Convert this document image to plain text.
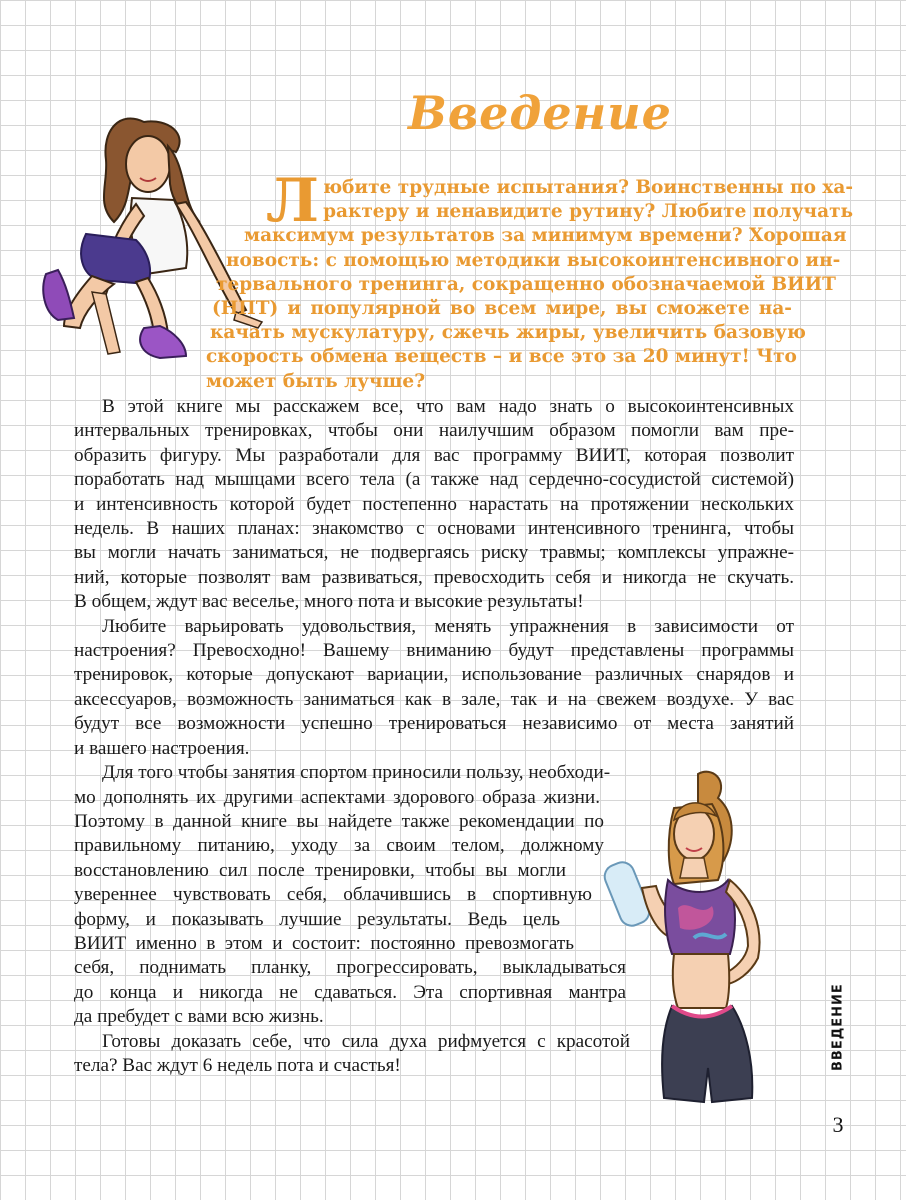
Введение
Л юбите трудные испытания? Воинственны по ха-
рактеру и ненавидите рутину? Любите получать
максимум результатов за минимум времени? Хорошая
новость: с помощью методики высокоинтенсивного ин-
тервального тренинга, сокращенно обозначаемой ВИИТ
(НПТ) и популярной во всем мире, вы сможете на-
качать мускулатуру, сжечь жиры, увеличить базовую
скорость обмена веществ – и все это за 20 минут! Что
может быть лучше?
В этой книге мы расскажем все, что вам надо знать о высокоинтенсивных
интервальных тренировках, чтобы они наилучшим образом помогли вам пре-
образить фигуру. Мы разработали для вас программу ВИИТ, которая позволит
поработать над мышцами всего тела (а также над сердечно-сосудистой системой)
и интенсивность которой будет постепенно нарастать на протяжении нескольких
недель. В наших планах: знакомство с основами интенсивного тренинга, чтобы
вы могли начать заниматься, не подвергаясь риску травмы; комплексы упражне-
ний, которые позволят вам развиваться, превосходить себя и никогда не скучать.
В общем, ждут вас веселье, много пота и высокие результаты!
Любите варьировать удовольствия, менять упражнения в зависимости от
настроения? Превосходно! Вашему вниманию будут представлены программы
тренировок, которые допускают вариации, использование различных снарядов и
аксессуаров, возможность заниматься как в зале, так и на свежем воздухе. У вас
будут все возможности успешно тренироваться независимо от места занятий
и вашего настроения.
Для того чтобы занятия спортом приносили пользу, необходи-
мо дополнять их другими аспектами здорового образа жизни.
Поэтому в данной книге вы найдете также рекомендации по
правильному питанию, уходу за своим телом, должному
восстановлению сил после тренировки, чтобы вы могли
увереннее чувствовать себя, облачившись в спортивную
форму, и показывать лучшие результаты. Ведь цель
ВИИТ именно в этом и состоит: постоянно превозмогать
себя, поднимать планку, прогрессировать, выкладываться
до конца и никогда не сдаваться. Эта спортивная мантра
да пребудет с вами всю жизнь.
Готовы доказать себе, что сила духа рифмуется с красотой
тела? Вас ждут 6 недель пота и счастья!	ВВЕДЕНИЕ
3
